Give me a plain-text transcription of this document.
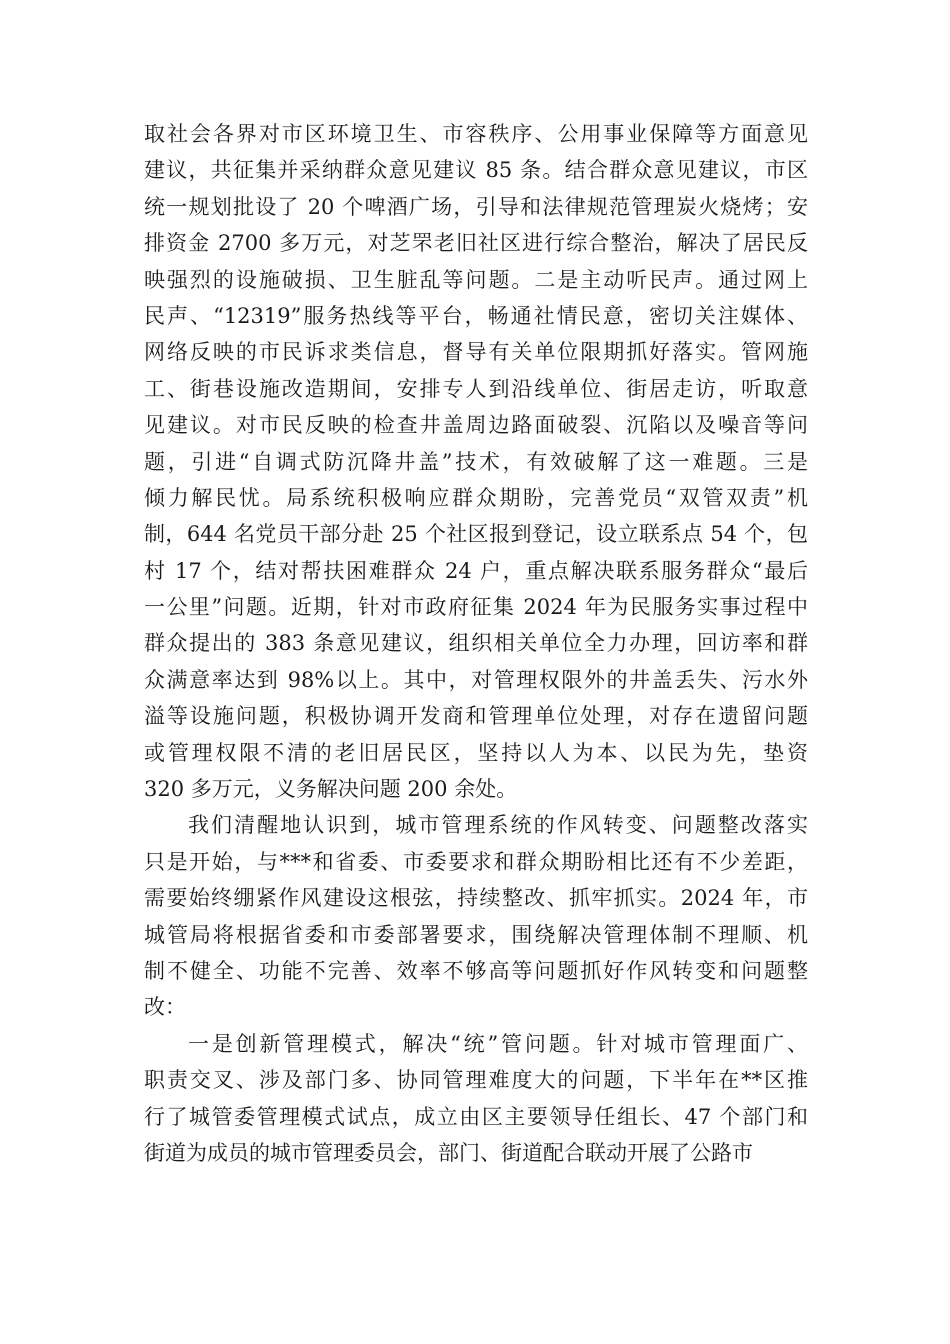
取社会各界对市区环境卫生、市容秩序、公用事业保障等方面意见
建议，共征集并采纳群众意见建议 85 条。结合群众意见建议，市区
统一规划批设了 20 个啤酒广场，引导和法律规范管理炭火烧烤；安
排资金 2700 多万元，对芝罘老旧社区进行综合整治，解决了居民反
映强烈的设施破损、卫生脏乱等问题。二是主动听民声。通过网上
民声、“12319”服务热线等平台，畅通社情民意，密切关注媒体、
网络反映的市民诉求类信息，督导有关单位限期抓好落实。管网施
工、街巷设施改造期间，安排专人到沿线单位、街居走访，听取意
见建议。对市民反映的检查井盖周边路面破裂、沉陷以及噪音等问
题，引进“自调式防沉降井盖”技术，有效破解了这一难题。三是
倾力解民忧。局系统积极响应群众期盼，完善党员“双管双责”机
制，644 名党员干部分赴 25 个社区报到登记，设立联系点 54 个，包
村 17 个，结对帮扶困难群众 24 户，重点解决联系服务群众“最后
一公里”问题。近期，针对市政府征集 2024 年为民服务实事过程中
群众提出的 383 条意见建议，组织相关单位全力办理，回访率和群
众满意率达到 98%以上。其中，对管理权限外的井盖丢失、污水外
溢等设施问题，积极协调开发商和管理单位处理，对存在遗留问题
或管理权限不清的老旧居民区，坚持以人为本、以民为先，垫资
320 多万元，义务解决问题 200 余处。
我们清醒地认识到，城市管理系统的作风转变、问题整改落实
只是开始，与***和省委、市委要求和群众期盼相比还有不少差距，
需要始终绷紧作风建设这根弦，持续整改、抓牢抓实。2024 年，市
城管局将根据省委和市委部署要求，围绕解决管理体制不理顺、机
制不健全、功能不完善、效率不够高等问题抓好作风转变和问题整
改：
一是创新管理模式，解决“统”管问题。针对城市管理面广、
职责交叉、涉及部门多、协同管理难度大的问题，下半年在**区推
行了城管委管理模式试点，成立由区主要领导任组长、47 个部门和
街道为成员的城市管理委员会，部门、街道配合联动开展了公路市
